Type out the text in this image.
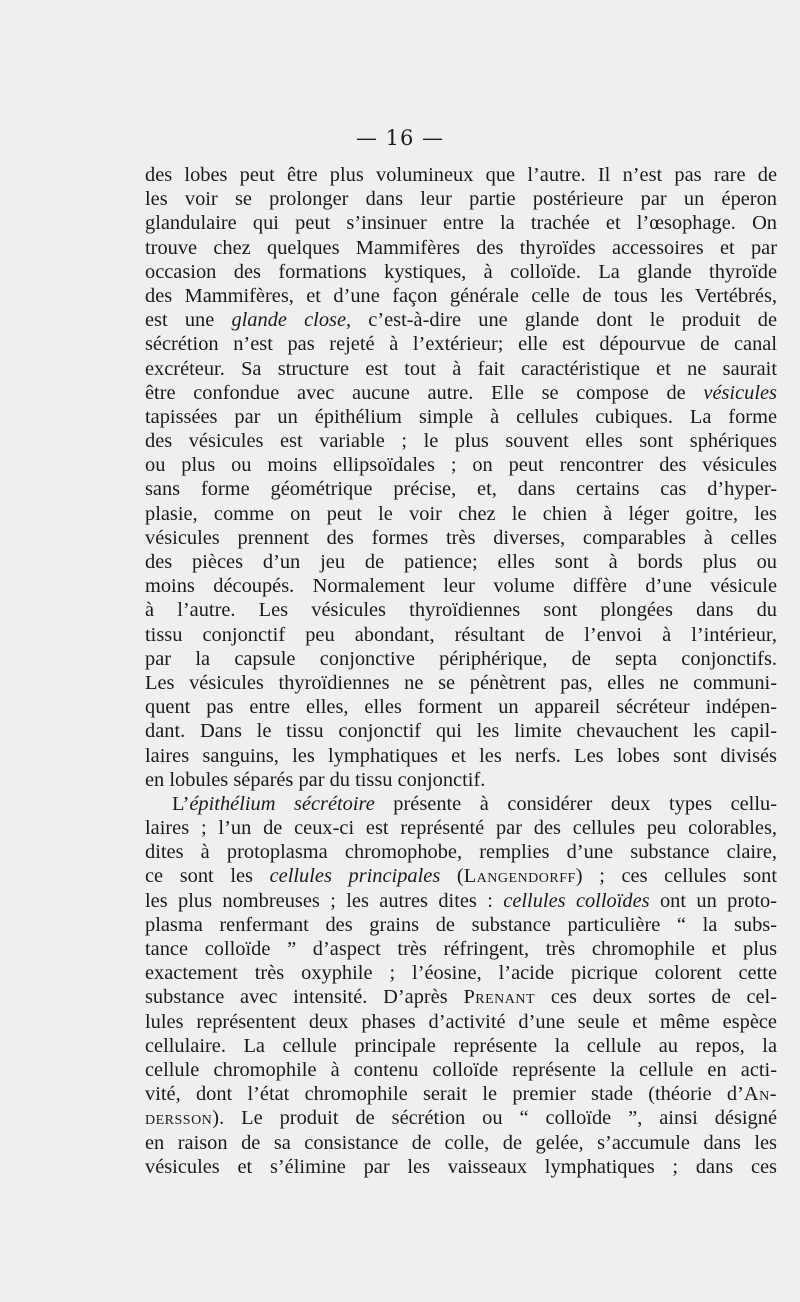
— 16 —
des lobes peut être plus volumineux que l’autre. Il n’est pas rare de
les voir se prolonger dans leur partie postérieure par un éperon
glandulaire qui peut s’insinuer entre la trachée et l’œsophage. On
trouve chez quelques Mammifères des thyroïdes accessoires et par
occasion des formations kystiques, à colloïde. La glande thyroïde
des Mammifères, et d’une façon générale celle de tous les Vertébrés,
est une glande close, c’est-à-dire une glande dont le produit de
sécrétion n’est pas rejeté à l’extérieur; elle est dépourvue de canal
excréteur. Sa structure est tout à fait caractéristique et ne saurait
être confondue avec aucune autre. Elle se compose de vésicules
tapissées par un épithélium simple à cellules cubiques. La forme
des vésicules est variable ; le plus souvent elles sont sphériques
ou plus ou moins ellipsoïdales ; on peut rencontrer des vésicules
sans forme géométrique précise, et, dans certains cas d’hyper-
plasie, comme on peut le voir chez le chien à léger goitre, les
vésicules prennent des formes très diverses, comparables à celles
des pièces d’un jeu de patience; elles sont à bords plus ou
moins découpés. Normalement leur volume diffère d’une vésicule
à l’autre. Les vésicules thyroïdiennes sont plongées dans du
tissu conjonctif peu abondant, résultant de l’envoi à l’intérieur,
par la capsule conjonctive périphérique, de septa conjonctifs.
Les vésicules thyroïdiennes ne se pénètrent pas, elles ne communi-
quent pas entre elles, elles forment un appareil sécréteur indépen-
dant. Dans le tissu conjonctif qui les limite chevauchent les capil-
laires sanguins, les lymphatiques et les nerfs. Les lobes sont divisés
en lobules séparés par du tissu conjonctif.
L’épithélium sécrétoire présente à considérer deux types cellu-
laires ; l’un de ceux-ci est représenté par des cellules peu colorables,
dites à protoplasma chromophobe, remplies d’une substance claire,
ce sont les cellules principales (Langendorff) ; ces cellules sont
les plus nombreuses ; les autres dites : cellules colloïdes ont un proto-
plasma renfermant des grains de substance particulière “ la subs-
tance colloïde ” d’aspect très réfringent, très chromophile et plus
exactement très oxyphile ; l’éosine, l’acide picrique colorent cette
substance avec intensité. D’après Prenant ces deux sortes de cel-
lules représentent deux phases d’activité d’une seule et même espèce
cellulaire. La cellule principale représente la cellule au repos, la
cellule chromophile à contenu colloïde représente la cellule en acti-
vité, dont l’état chromophile serait le premier stade (théorie d’An-
dersson). Le produit de sécrétion ou “ colloïde ”, ainsi désigné
en raison de sa consistance de colle, de gelée, s’accumule dans les
vésicules et s’élimine par les vaisseaux lymphatiques ; dans ces
